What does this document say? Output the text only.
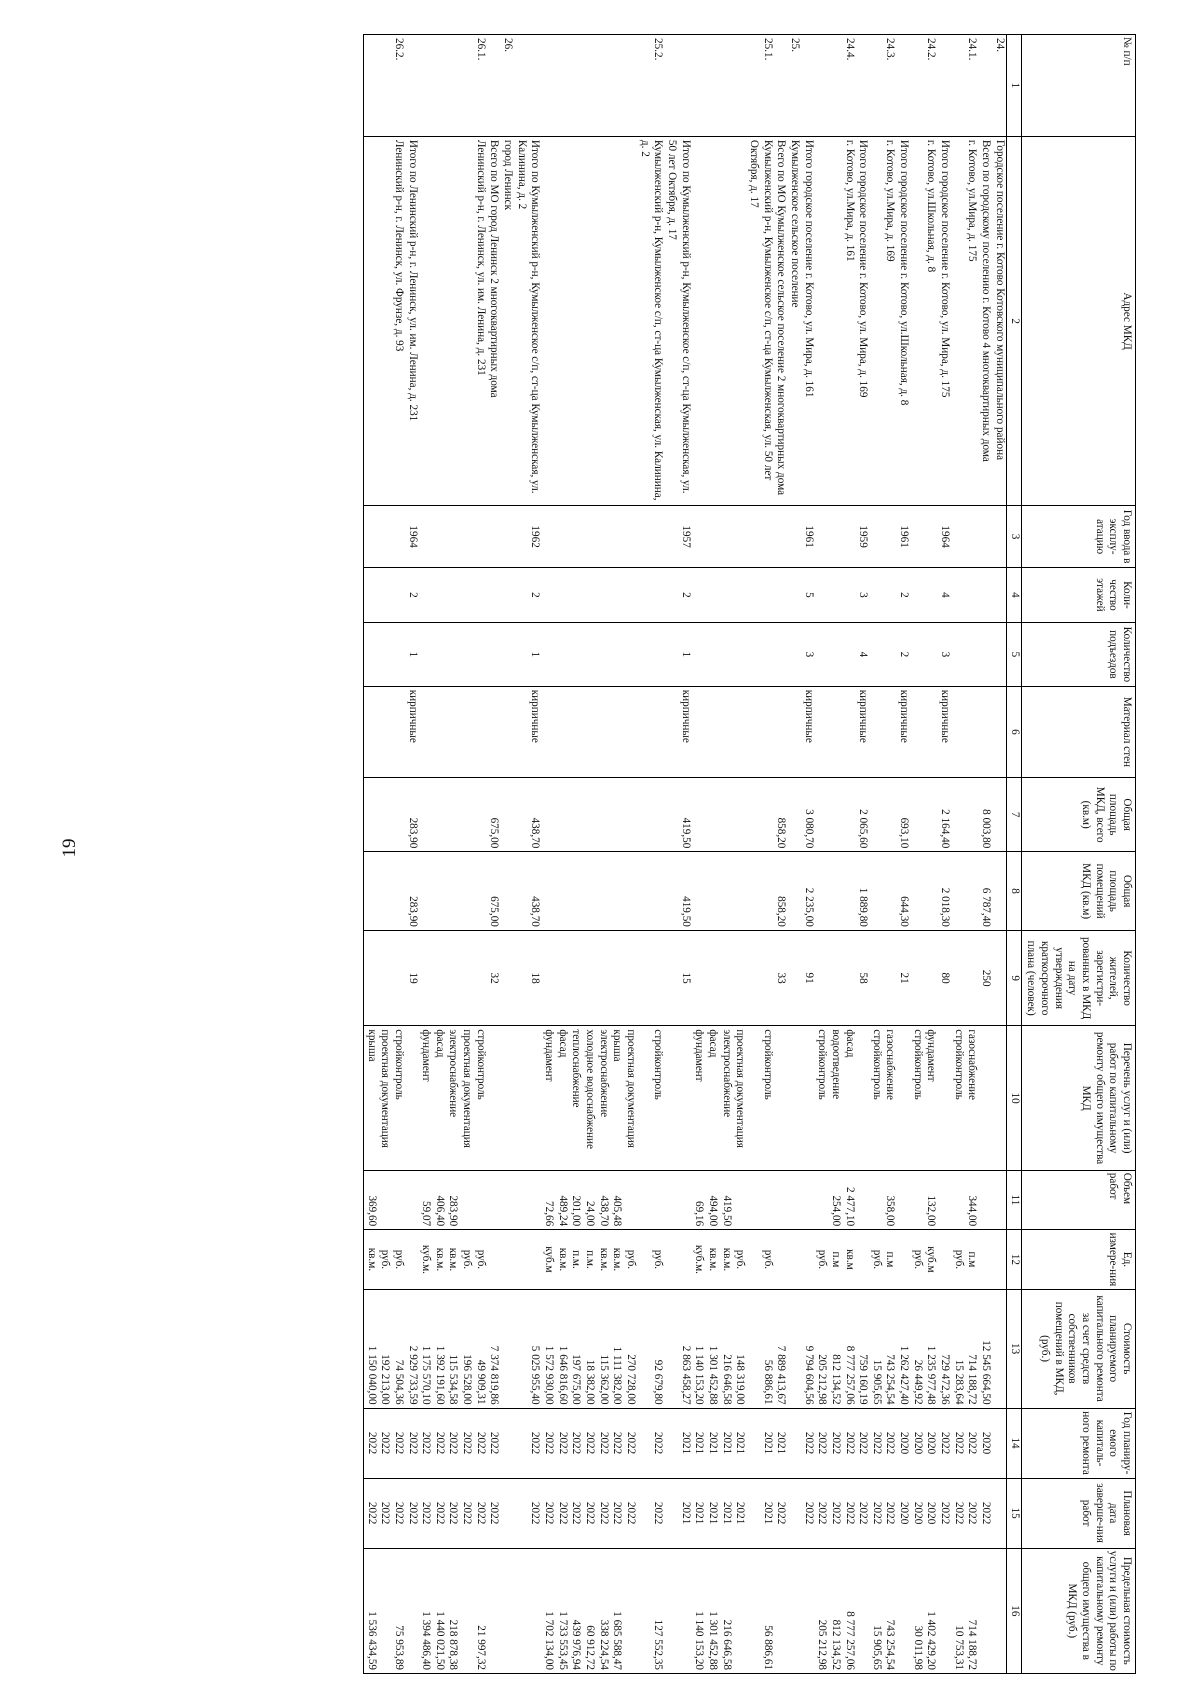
19
№ п/п	Адрес МКД	Год ввода в эксплу-атацию	Коли-чество этажей	Количество подъездов	Материал стен	Общая площадь МКД, всего (кв.м)	Общая площадь помещений МКД (кв.м)	Количество жителей, зарегистри-рованных в МКД на дату утверждения краткосрочного плана (человек)	Перечень услуг и (или) работ по капитальному ремонту общего имущества МКД	Объем работ	Ед. измере-ния	Стоимость планируемого капитального ремонта за счет средств собственников помещений в МКД, (руб.)	Год планиру-емого капиталь-ного ремонта	Плановая дата заверше-ния работ	Предельная стоимость услуги и (или) работы по капитальному ремонту общего имущества в МКД (руб.)
1	2	3	4	5	6	7	8	9	10	11	12	13	14	15	16
24.	Городское поселение г. Котово Котовского муниципального района														
	Всего по городскому поселению г. Котово 4 многоквартирных дома					8 003,80	6 787,40	250				12 545 664,50	2020	2022	
24.1.	г. Котово, ул.Мира, д. 175								газоснабжение	344,00	п.м	714 188,72	2022	2022	714 188,72
									стройконтроль		руб.	15 283,64	2022	2022	10 753,31
	Итого городское поселение г. Котово, ул. Мира, д. 175	1964	4	3	кирпичные	2 164,40	2 018,30	80				729 472,36	2022	2022	
24.2.	г. Котово, ул.Школьная, д. 8								фундамент	132,00	куб.м	1 235 977,48	2020	2020	1 402 429,20
									стройконтроль		руб.	26 449,92	2020	2020	30 011,98
	Итого городское поселение г. Котово, ул.Школьная, д. 8	1961	2	2	кирпичные	693,10	644,30	21				1 262 427,40	2020	2020	
24.3.	г. Котово, ул.Мира, д. 169								газоснабжение	358,00	п.м	743 254,54	2022	2022	743 254,54
									стройконтроль		руб.	15 905,65	2022	2022	15 905,65
	Итого городское поселение г. Котово, ул. Мира, д. 169	1959	3	4	кирпичные	2 065,60	1 889,80	58				759 160,19	2022	2022	
24.4.	г. Котово, ул.Мира, д. 161								фасад	2 477,10	кв.м	8 777 257,06	2022	2022	8 777 257,06
									водоотведение	254,00	п.м	812 134,52	2022	2022	812 134,52
									стройконтроль		руб.	205 212,98	2022	2022	205 212,98
	Итого городское поселение г. Котово, ул. Мира, д. 161	1961	5	3	кирпичные	3 080,70	2 235,00	91				9 794 604,56	2022	2022	
25.	Кумылженское сельское поселение														
	Всего по МО Кумылженское сельское поселение 2 многоквартирных дома					858,20	858,20	33				7 889 413,67	2021	2022	
25.1.	Кумылженский р-н, Кумылженское с/п, ст-ца Кумылженская, ул. 50 лет Октября, д. 17								стройконтроль		руб.	56 886,61	2021	2021	56 886,61
									проектная документация		руб.	148 319,00	2021	2021	
									электроснабжение	419,50	кв.м.	216 646,58	2021	2021	216 646,58
									фасад	494,00	кв.м.	1 301 452,88	2021	2021	1 301 452,88
									фундамент	69,16	куб.м.	1 140 153,20	2021	2021	1 140 153,20
	Итого по Кумылженский р-н, Кумылженское с/п, ст-ца Кумылженская, ул. 50 лет Октября, д. 17	1957	2	1	кирпичные	419,50	419,50	15				2 863 458,27	2021	2021	
25.2.	Кумылженский р-н, Кумылженское с/п, ст-ца Кумылженская, ул. Калинина, д. 2								стройконтроль		руб.	92 679,80	2022	2022	127 552,35
									проектная документация		руб.	270 728,00	2022	2022	
									крыша	405,48	кв.м.	1 111 382,00	2022	2022	1 685 588,47
									электроснабжение	438,70	кв.м.	115 362,00	2022	2022	338 224,54
									холодное водоснабжение	24,00	п.м.	18 382,00	2022	2022	60 912,72
									теплоснабжение	201,00	п.м.	197 675,00	2022	2022	439 976,94
									фасад	489,24	кв.м.	1 646 816,60	2022	2022	1 733 553,45
									фундамент	72,66	куб.м	1 572 930,00	2022	2022	1 702 134,00
	Итого по Кумылженский р-н, Кумылженское с/п, ст-ца Кумылженская, ул. Калинина, д. 2	1962	2	1	кирпичные	438,70	438,70	18				5 025 955,40	2022	2022	
26.	город Ленинск														
	Всего по МО город Ленинск 2 многоквартирных дома					675,00	675,00	32				7 374 819,86	2022	2022	
26.1.	Ленинский р-н, г. Ленинск, ул. им. Ленина, д. 231								стройконтроль		руб.	49 909,31	2022	2022	21 997,32
									проектная документация		руб.	196 528,00	2022	2022	
									электроснабжение	283,90	кв.м.	115 534,58	2022	2022	218 878,38
									фасад	406,40	кв.м.	1 392 191,60	2022	2022	1 440 021,50
									фундамент	59,07	куб.м.	1 175 570,10	2022	2022	1 394 486,40
	Итого по Ленинский р-н, г. Ленинск, ул. им. Ленина, д. 231	1964	2	1	кирпичные	283,90	283,90	19				2 929 733,59	2022	2022	
26.2.	Ленинский р-н, г. Ленинск, ул. Фрунзе, д. 93								стройконтроль		руб.	74 504,36	2022	2022	75 953,89
									проектная документация		руб.	192 213,00	2022	2022	
									крыша	369,60	кв.м.	1 150 040,00	2022	2022	1 536 434,59
